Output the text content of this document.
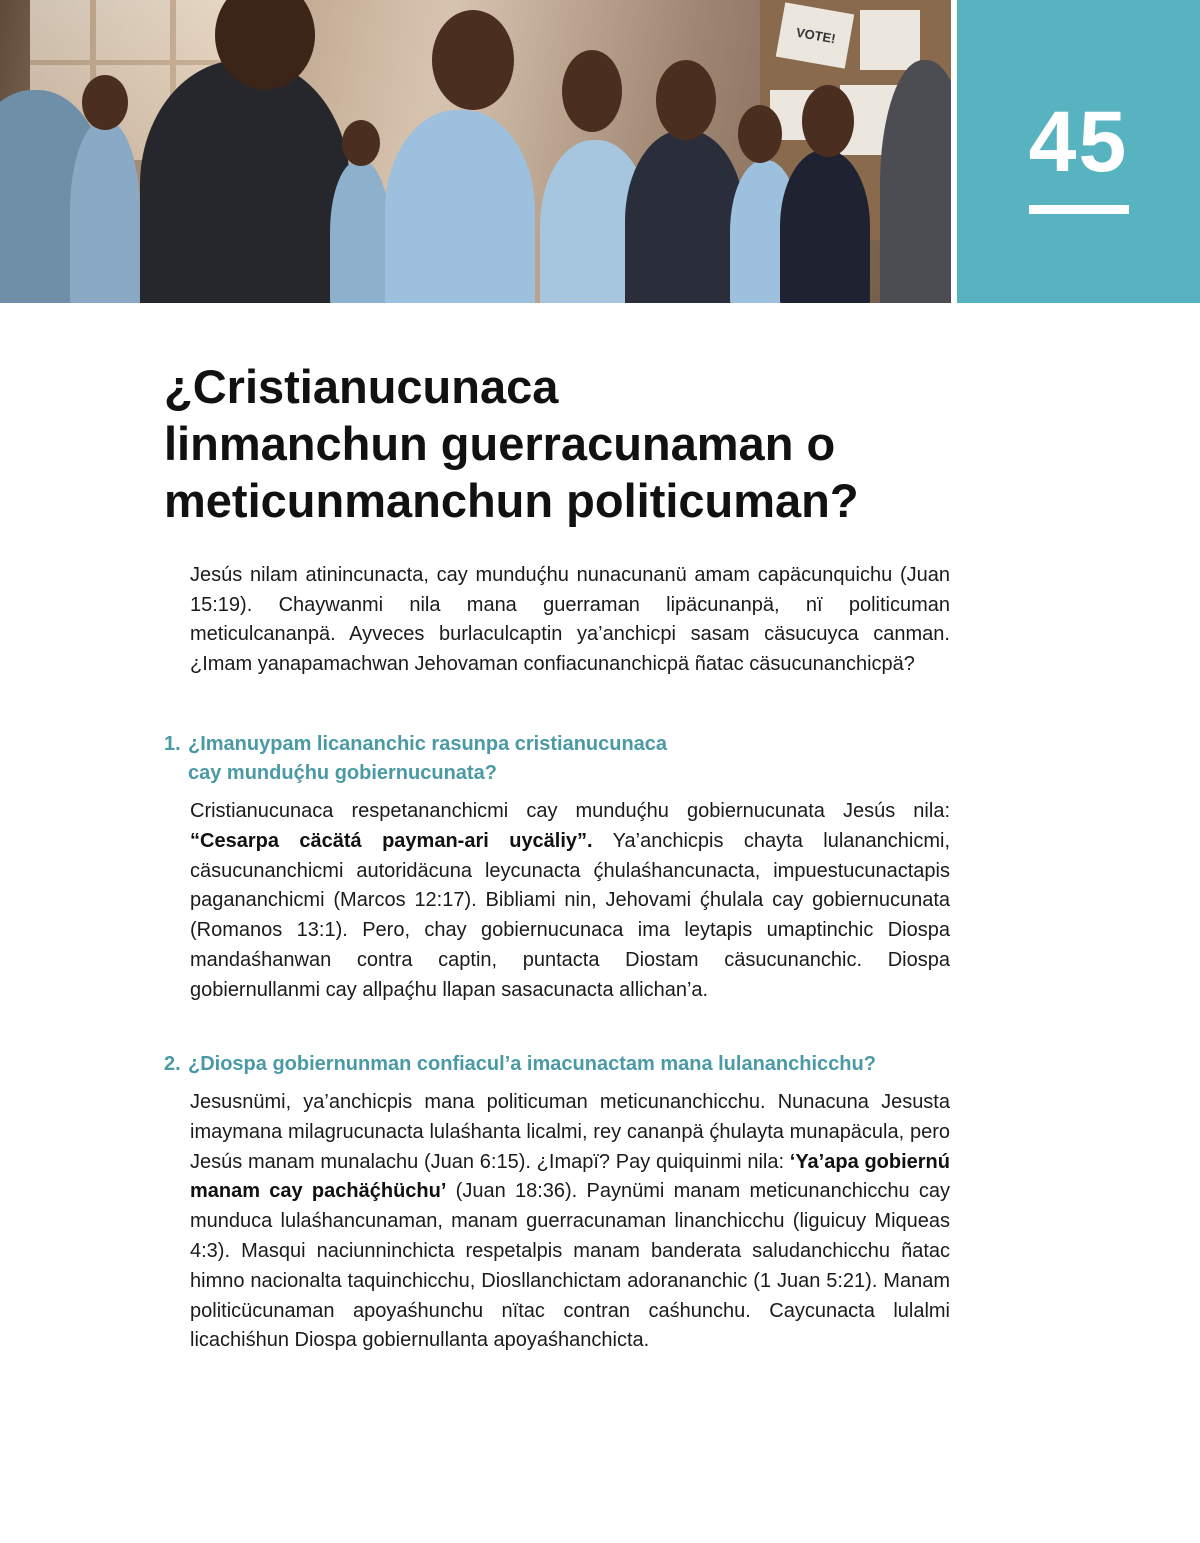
VOTE!
45
¿Cristianucunaca
linmanchun guerracunaman o
meticunmanchun politicuman?

Jesús nilam atinincunacta, cay munduḉhu nunacunanü amam capäcunquichu (Juan 15:19). Chaywanmi nila mana guerraman lipäcunanpä, nï politicuman meticulcananpä. Ayveces burlaculcaptin ya’anchicpi sasam cäsucuyca canman. ¿Imam yanapamachwan Jehovaman confiacunanchicpä ñatac cäsucunanchicpä?

1. ¿Imanuypam licananchic rasunpa cristianucunaca
cay munduḉhu gobiernucunata?

Cristianucunaca respetananchicmi cay munduḉhu gobiernucunata Jesús nila: “Cesarpa cäcätá payman-ari uycäliy”. Ya’anchicpis chayta lulananchicmi, cäsucunanchicmi autoridäcuna leycunacta ḉhulaśhancunacta, impuestucunactapis pagananchicmi (Marcos 12:17). Bibliami nin, Jehovami ḉhulala cay gobiernucunata (Romanos 13:1). Pero, chay gobiernucunaca ima leytapis umaptinchic Diospa mandaśhanwan contra captin, puntacta Diostam cäsucunanchic. Diospa gobiernullanmi cay allpaḉhu llapan sasacunacta allichan’a.

2. ¿Diospa gobiernunman confiacul’a imacunactam mana lulananchicchu?

Jesusnümi, ya’anchicpis mana politicuman meticunanchicchu. Nunacuna Jesusta imaymana milagrucunacta lulaśhanta licalmi, rey cananpä ḉhulayta munapäcula, pero Jesús manam munalachu (Juan 6:15). ¿Imapï? Pay quiquinmi nila: ‘Ya’apa gobiernú manam cay pachäḉhüchu’ (Juan 18:36). Paynümi manam meticunanchicchu cay munduca lulaśhancunaman, manam guerracunaman linanchicchu (liguicuy Miqueas 4:3). Masqui naciunninchicta respetalpis manam banderata saludanchicchu ñatac himno nacionalta taquinchicchu, Diosllanchictam adorananchic (1 Juan 5:21). Manam politicücunaman apoyaśhunchu nïtac contran caśhunchu. Caycunacta lulalmi licachiśhun Diospa gobiernullanta apoyaśhanchicta.
